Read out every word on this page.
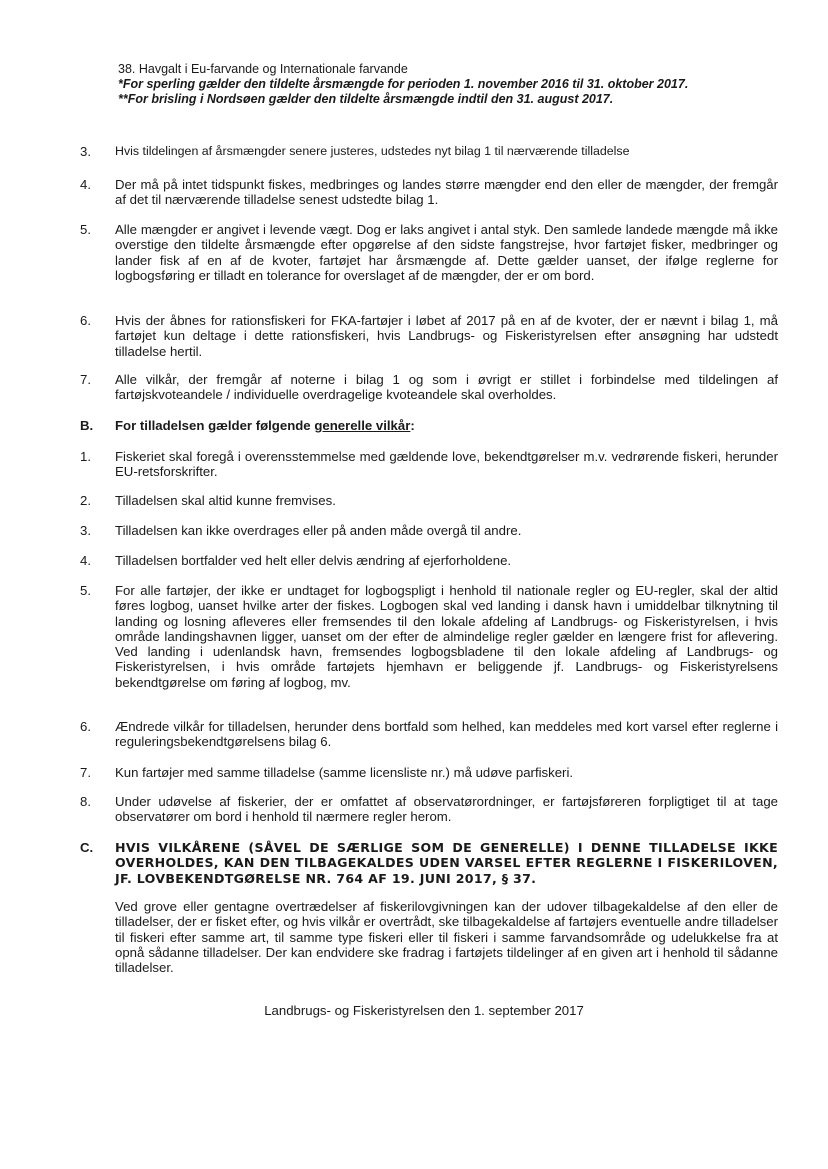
38. Havgalt i Eu-farvande og Internationale farvande
*For sperling gælder den tildelte årsmængde for perioden 1. november 2016 til 31. oktober 2017.
**For brisling i Nordsøen gælder den tildelte årsmængde indtil den 31. august 2017.
3.	Hvis tildelingen af årsmængder senere justeres, udstedes nyt bilag 1 til nærværende tilladelse
4.	Der må på intet tidspunkt fiskes, medbringes og landes større mængder end den eller de mængder, der fremgår af det til nærværende tilladelse senest udstedte bilag 1.
5.	Alle mængder er angivet i levende vægt. Dog er laks angivet i antal styk. Den samlede landede mængde må ikke overstige den tildelte årsmængde efter opgørelse af den sidste fangstrejse, hvor fartøjet fisker, medbringer og lander fisk af en af de kvoter, fartøjet har årsmængde af. Dette gælder uanset, der ifølge reglerne for logbogsføring er tilladt en tolerance for overslaget af de mængder, der er om bord.
6.	Hvis der åbnes for rationsfiskeri for FKA-fartøjer i løbet af 2017 på en af de kvoter, der er nævnt i bilag 1, må fartøjet kun deltage i dette rationsfiskeri, hvis Landbrugs- og Fiskeristyrelsen efter ansøgning har udstedt tilladelse hertil.
7.	Alle vilkår, der fremgår af noterne i bilag 1 og som i øvrigt er stillet i forbindelse med tildelingen af fartøjskvoteandele / individuelle overdragelige kvoteandele skal overholdes.
B.	For tilladelsen gælder følgende generelle vilkår:
1.	Fiskeriet skal foregå i overensstemmelse med gældende love, bekendtgørelser m.v. vedrørende fiskeri, herunder EU-retsforskrifter.
2.	Tilladelsen skal altid kunne fremvises.
3.	Tilladelsen kan ikke overdrages eller på anden måde overgå til andre.
4.	Tilladelsen bortfalder ved helt eller delvis ændring af ejerforholdene.
5.	For alle fartøjer, der ikke er undtaget for logbogspligt i henhold til nationale regler og EU-regler, skal der altid føres logbog, uanset hvilke arter der fiskes. Logbogen skal ved landing i dansk havn i umiddelbar tilknytning til landing og losning afleveres eller fremsendes til den lokale afdeling af Landbrugs- og Fiskeristyrelsen, i hvis område landingshavnen ligger, uanset om der efter de almindelige regler gælder en længere frist for aflevering. Ved landing i udenlandsk havn, fremsendes logbogsbladene til den lokale afdeling af Landbrugs- og Fiskeristyrelsen, i hvis område fartøjets hjemhavn er beliggende jf. Landbrugs- og Fiskeristyrelsens bekendtgørelse om føring af logbog, mv.
6.	Ændrede vilkår for tilladelsen, herunder dens bortfald som helhed, kan meddeles med kort varsel efter reglerne i reguleringsbekendtgørelsens bilag 6.
7.	Kun fartøjer med samme tilladelse (samme licensliste nr.) må udøve parfiskeri.
8.	Under udøvelse af fiskerier, der er omfattet af observatørordninger, er fartøjsføreren forpligtiget til at tage observatører om bord i henhold til nærmere regler herom.
C.	HVIS VILKÅRENE (SÅVEL DE SÆRLIGE SOM DE GENERELLE) I DENNE TILLADELSE IKKE OVERHOLDES, KAN DEN TILBAGEKALDES UDEN VARSEL EFTER REGLERNE I FISKERILOVEN, JF. LOVBEKENDTGØRELSE NR. 764 AF 19. JUNI 2017, § 37.
Ved grove eller gentagne overtrædelser af fiskerilovgivningen kan der udover tilbagekaldelse af den eller de tilladelser, der er fisket efter, og hvis vilkår er overtrådt, ske tilbagekaldelse af fartøjers eventuelle andre tilladelser til fiskeri efter samme art, til samme type fiskeri eller til fiskeri i samme farvandsområde og udelukkelse fra at opnå sådanne tilladelser. Der kan endvidere ske fradrag i fartøjets tildelinger af en given art i henhold til sådanne tilladelser.
Landbrugs- og Fiskeristyrelsen den 1. september 2017
